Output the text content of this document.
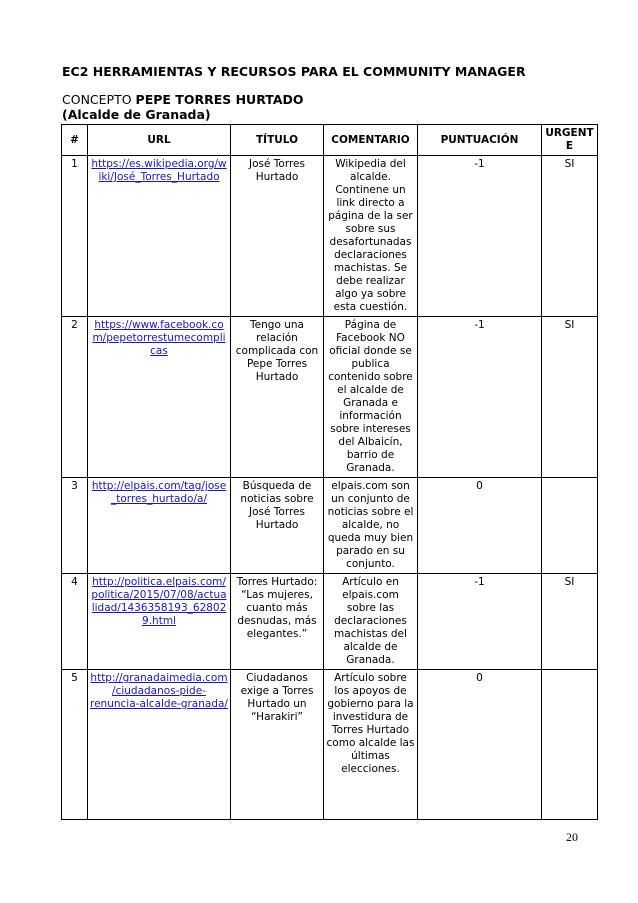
EC2 HERRAMIENTAS Y RECURSOS PARA EL COMMUNITY MANAGER
CONCEPTO PEPE TORRES HURTADO
(Alcalde de Granada)
#	URL	TÍTULO	COMENTARIO	PUNTUACIÓN	URGENTE
1	https://es.wikipedia.org/wiki/José_Torres_Hurtado	José Torres Hurtado	Wikipedia del alcalde. Continene un link directo a página de la ser sobre sus desafortunadas declaraciones machistas. Se debe realizar algo ya sobre esta cuestión.	-1	SI
2	https://www.facebook.com/pepetorrestumecomplicas	Tengo una relación complicada con Pepe Torres Hurtado	Página de Facebook NO oficial donde se publica contenido sobre el alcalde de Granada e información sobre intereses del Albaicín, barrio de Granada.	-1	SI
3	http://elpais.com/tag/jose_torres_hurtado/a/	Búsqueda de noticias sobre José Torres Hurtado	elpais.com son un conjunto de noticias sobre el alcalde, no queda muy bien parado en su conjunto.	0	
4	http://politica.elpais.com/politica/2015/07/08/actualidad/1436358193_628029.html	Torres Hurtado: “Las mujeres, cuanto más desnudas, más elegantes.”	Artículo en elpais.com sobre las declaraciones machistas del alcalde de Granada.	-1	SI
5	http://granadaimedia.com/ciudadanos-pide-renuncia-alcalde-granada/	Ciudadanos exige a Torres Hurtado un “Harakiri”	Artículo sobre los apoyos de gobierno para la investidura de Torres Hurtado como alcalde las últimas elecciones.	0	
20
